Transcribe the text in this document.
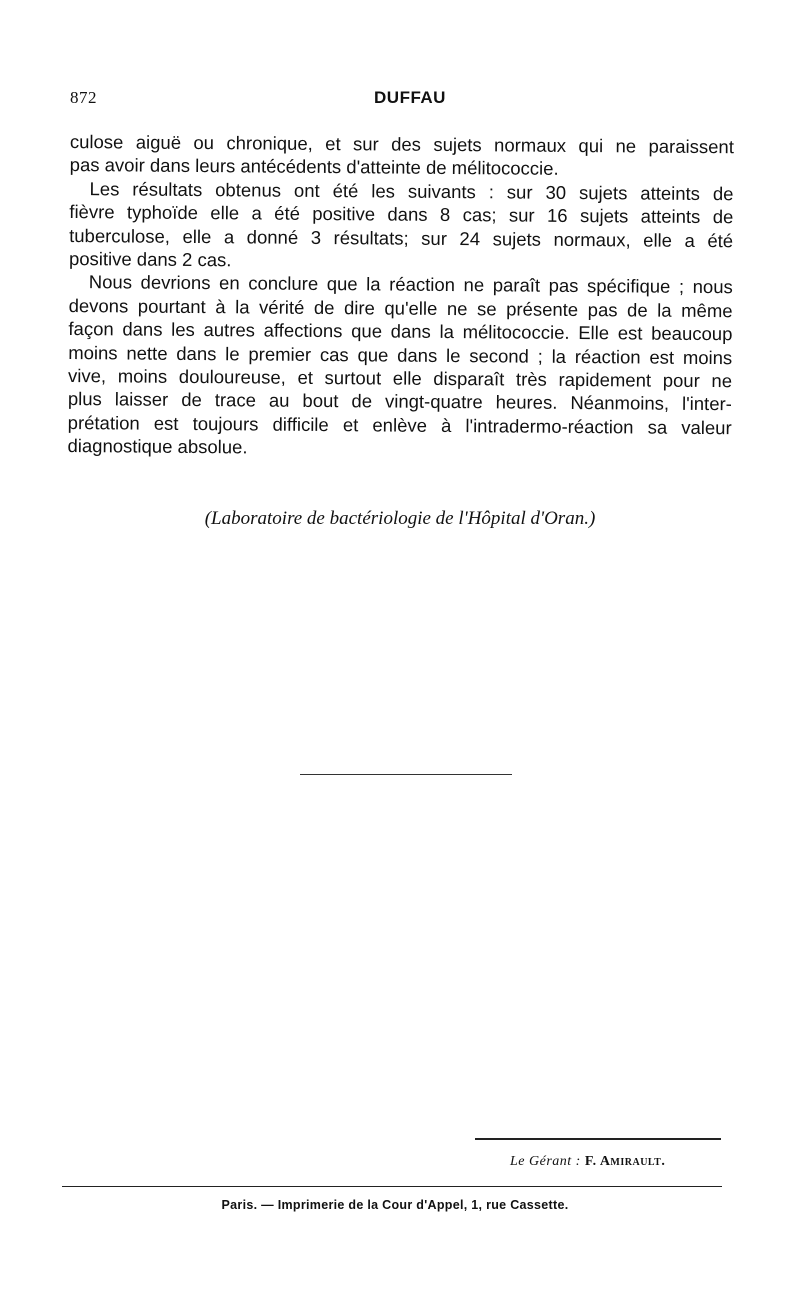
872	DUFFAU

culose aiguë ou chronique, et sur des sujets normaux qui ne paraissent
pas avoir dans leurs antécédents d'atteinte de mélitococcie.

Les résultats obtenus ont été les suivants : sur 30 sujets atteints de
fièvre typhoïde elle a été positive dans 8 cas; sur 16 sujets atteints de
tuberculose, elle a donné 3 résultats; sur 24 sujets normaux, elle a été
positive dans 2 cas.

Nous devrions en conclure que la réaction ne paraît pas spécifique ; nous
devons pourtant à la vérité de dire qu'elle ne se présente pas de la même
façon dans les autres affections que dans la mélitococcie. Elle est beaucoup
moins nette dans le premier cas que dans le second ; la réaction est moins
vive, moins douloureuse, et surtout elle disparaît très rapidement pour ne
plus laisser de trace au bout de vingt-quatre heures. Néanmoins, l'inter-
prétation est toujours difficile et enlève à l'intradermo-réaction sa valeur
diagnostique absolue.

(Laboratoire de bactériologie de l'Hôpital d'Oran.)
Le Gérant : F. Amirault.
Paris. — Imprimerie de la Cour d'Appel, 1, rue Cassette.
